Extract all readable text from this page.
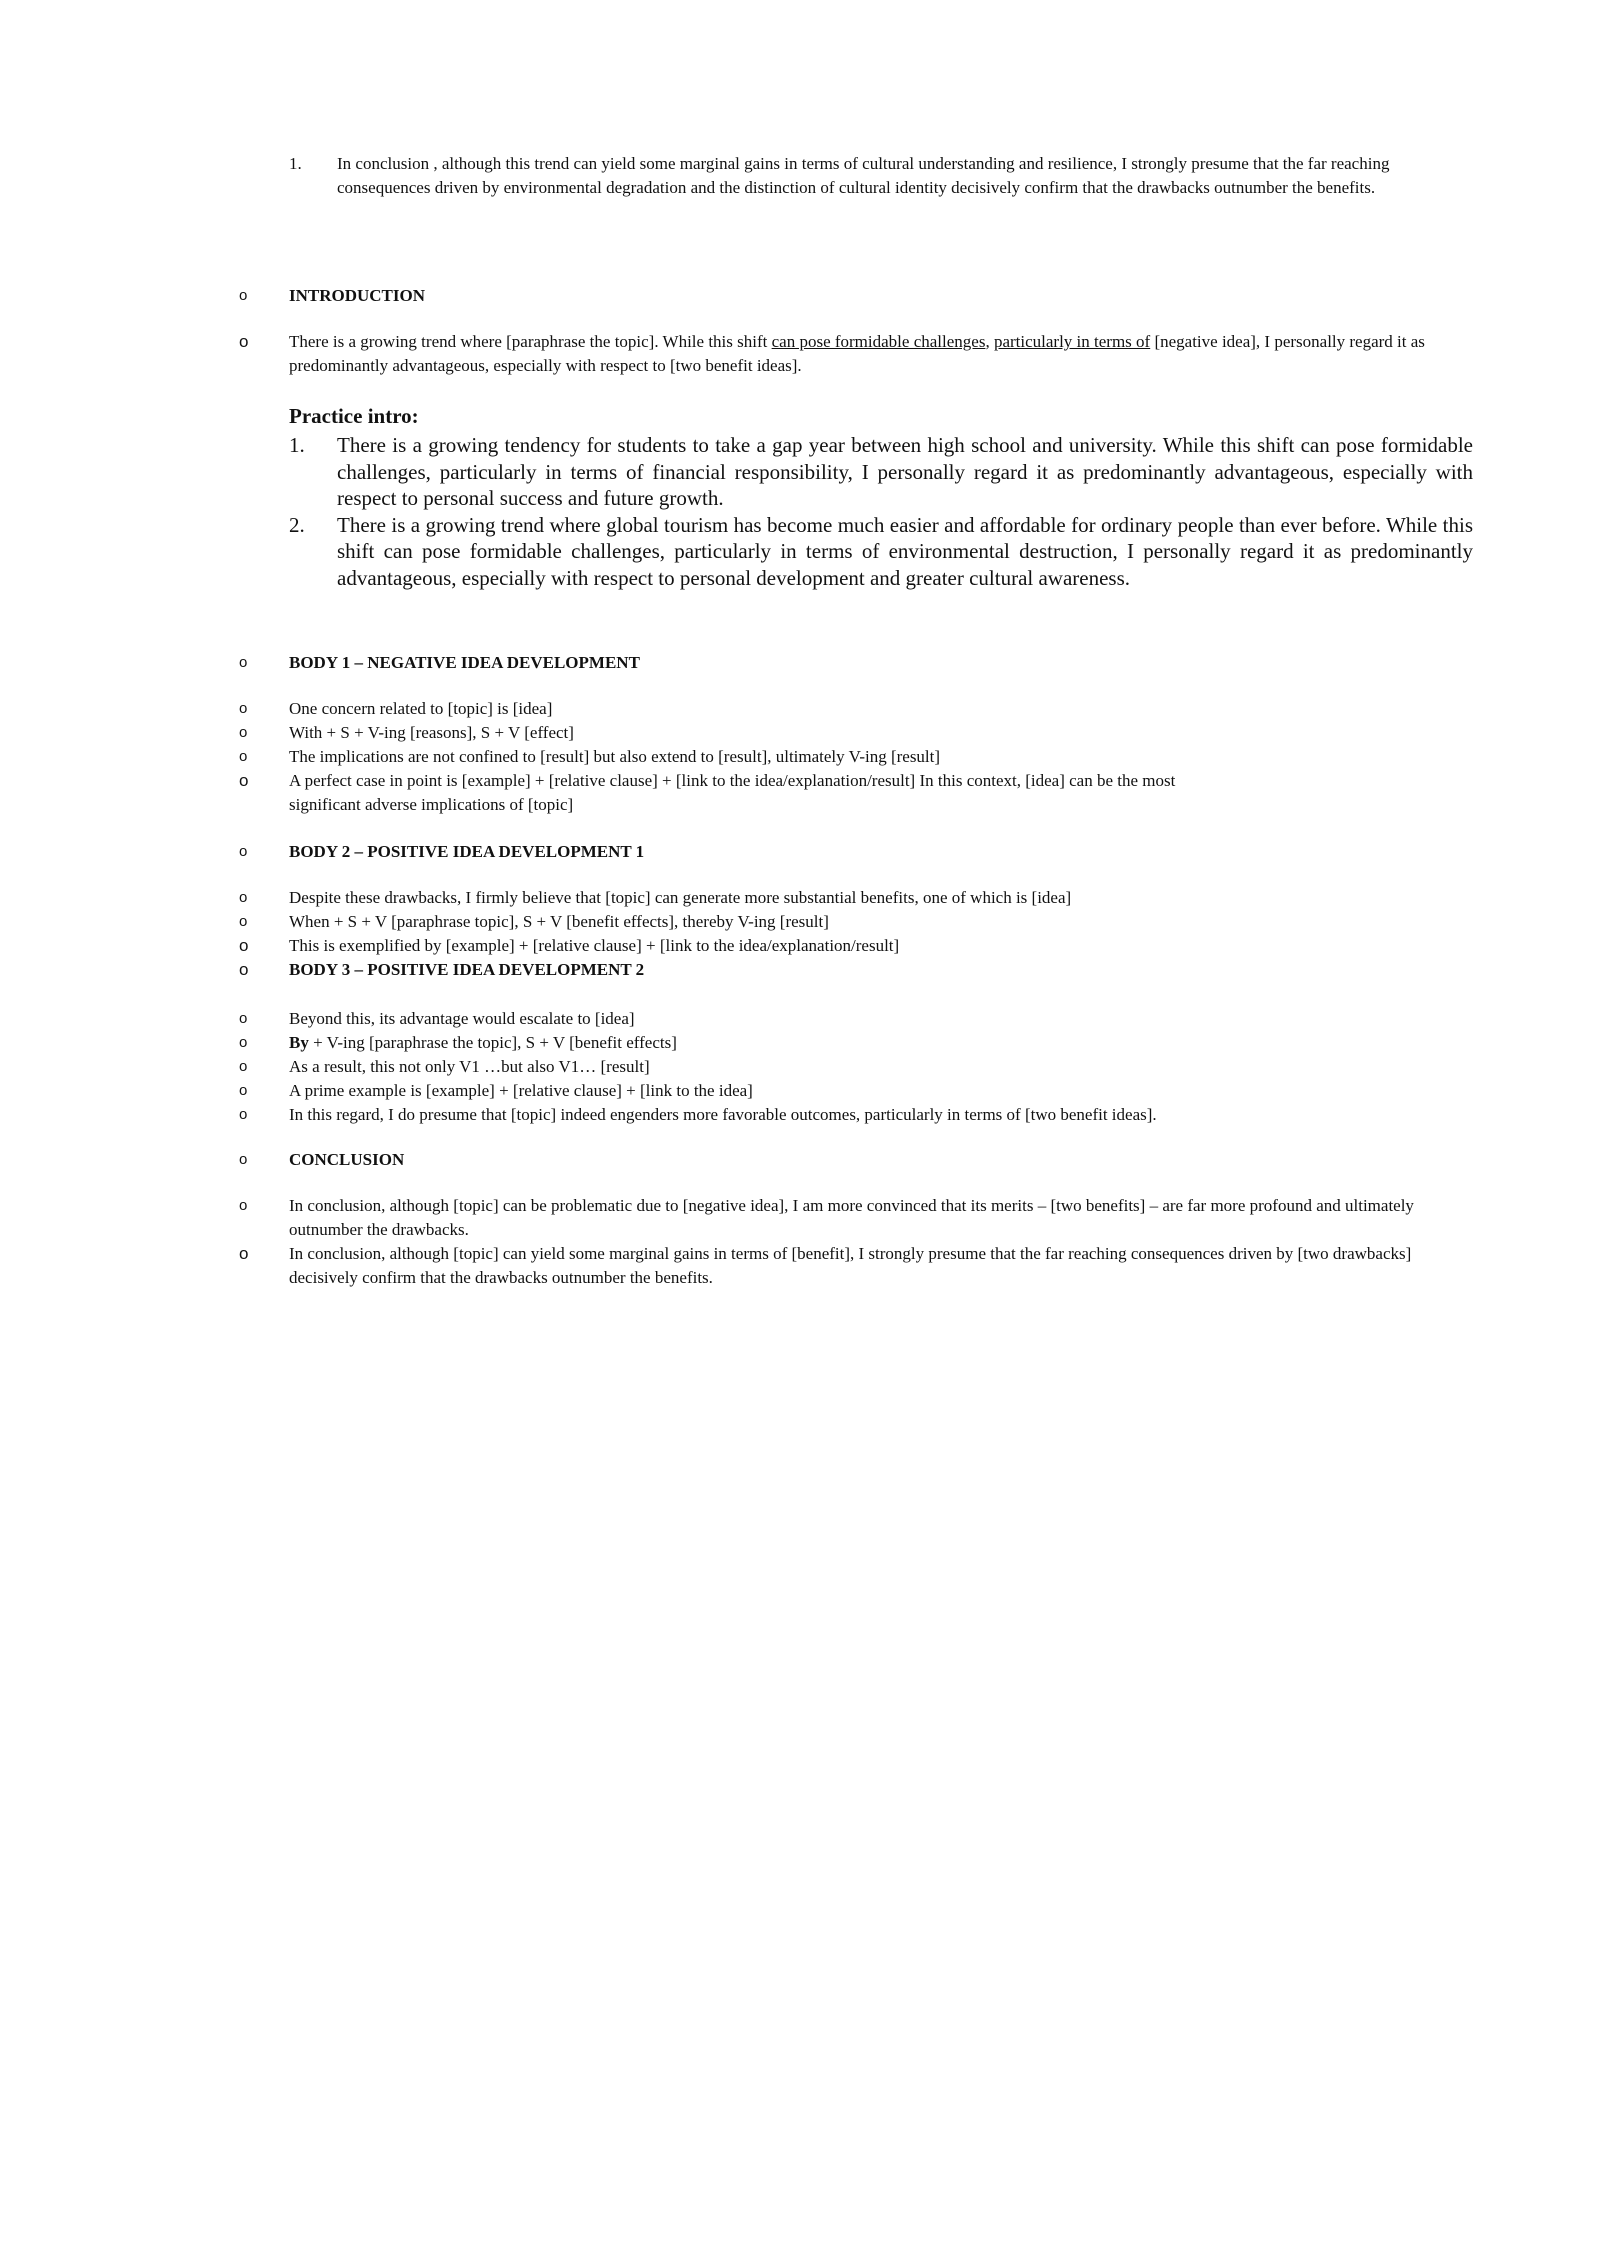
1. In conclusion , although this trend can yield some marginal gains in terms of cultural understanding and resilience, I strongly presume that the far reaching consequences driven by environmental degradation and the distinction of cultural identity decisively confirm that the drawbacks outnumber the benefits.
o	INTRODUCTION
o	There is a growing trend where [paraphrase the topic]. While this shift can pose formidable challenges, particularly in terms of [negative idea], I personally regard it as predominantly advantageous, especially with respect to [two benefit ideas].
Practice intro:
1. There is a growing tendency for students to take a gap year between high school and university. While this shift can pose formidable challenges, particularly in terms of financial responsibility, I personally regard it as predominantly advantageous, especially with respect to personal success and future growth.
2. There is a growing trend where global tourism has become much easier and affordable for ordinary people than ever before. While this shift can pose formidable challenges, particularly in terms of environmental destruction, I personally regard it as predominantly advantageous, especially with respect to personal development and greater cultural awareness.
o	BODY 1 – NEGATIVE IDEA DEVELOPMENT
o	One concern related to [topic] is [idea]
o	With + S + V-ing [reasons], S + V [effect]
o	The implications are not confined to [result] but also extend to [result], ultimately V-ing [result]
o	A perfect case in point is [example] + [relative clause] + [link to the idea/explanation/result] In this context, [idea] can be the most significant adverse implications of [topic]
o	BODY 2 – POSITIVE IDEA DEVELOPMENT 1
o	Despite these drawbacks, I firmly believe that [topic] can generate more substantial benefits, one of which is [idea]
o	When + S + V [paraphrase topic], S + V [benefit effects], thereby V-ing [result]
o	This is exemplified by [example] + [relative clause] + [link to the idea/explanation/result]
o	BODY 3 – POSITIVE IDEA DEVELOPMENT 2
o	Beyond this, its advantage would escalate to [idea]
o	By + V-ing [paraphrase the topic], S + V [benefit effects]
o	As a result, this not only V1 …but also V1… [result]
o	A prime example is [example] + [relative clause] + [link to the idea]
o	In this regard, I do presume that [topic] indeed engenders more favorable outcomes, particularly in terms of [two benefit ideas].
o	CONCLUSION
o	In conclusion, although [topic] can be problematic due to [negative idea], I am more convinced that its merits – [two benefits] – are far more profound and ultimately outnumber the drawbacks.
o	In conclusion, although [topic] can yield some marginal gains in terms of [benefit], I strongly presume that the far reaching consequences driven by [two drawbacks] decisively confirm that the drawbacks outnumber the benefits.
